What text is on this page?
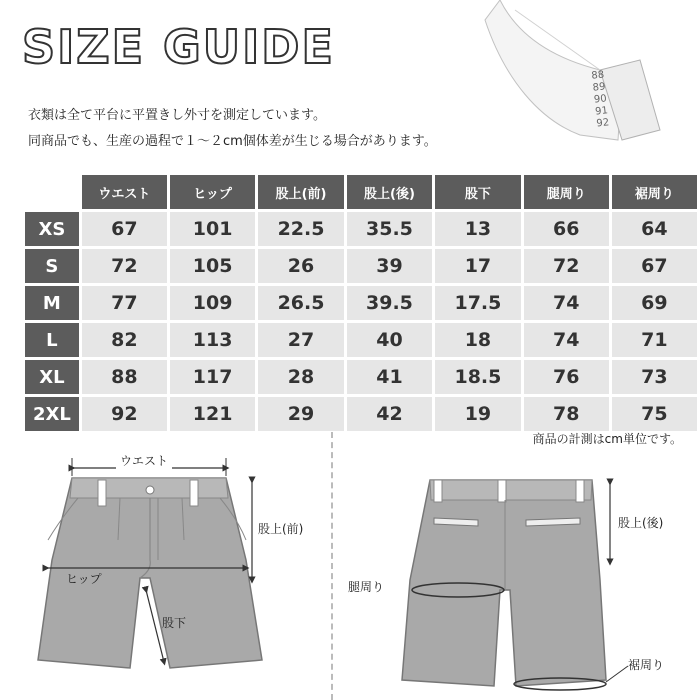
88
89
90
91
92
SIZE GUIDE
衣類は全て平台に平置きし外寸を測定しています。
同商品でも、生産の過程で１～２cm個体差が生じる場合があります。
	ウエスト	ヒップ	股上(前)	股上(後)	股下	腿周り	裾周り
XS	67	101	22.5	35.5	13	66	64
S	72	105	26	39	17	72	67
M	77	109	26.5	39.5	17.5	74	69
L	82	113	27	40	18	74	71
XL	88	117	28	41	18.5	76	73
2XL	92	121	29	42	19	78	75
商品の計測はcm単位です。
ウエスト
股上(前)
ヒップ
股下
股上(後)
腿周り
裾周り
